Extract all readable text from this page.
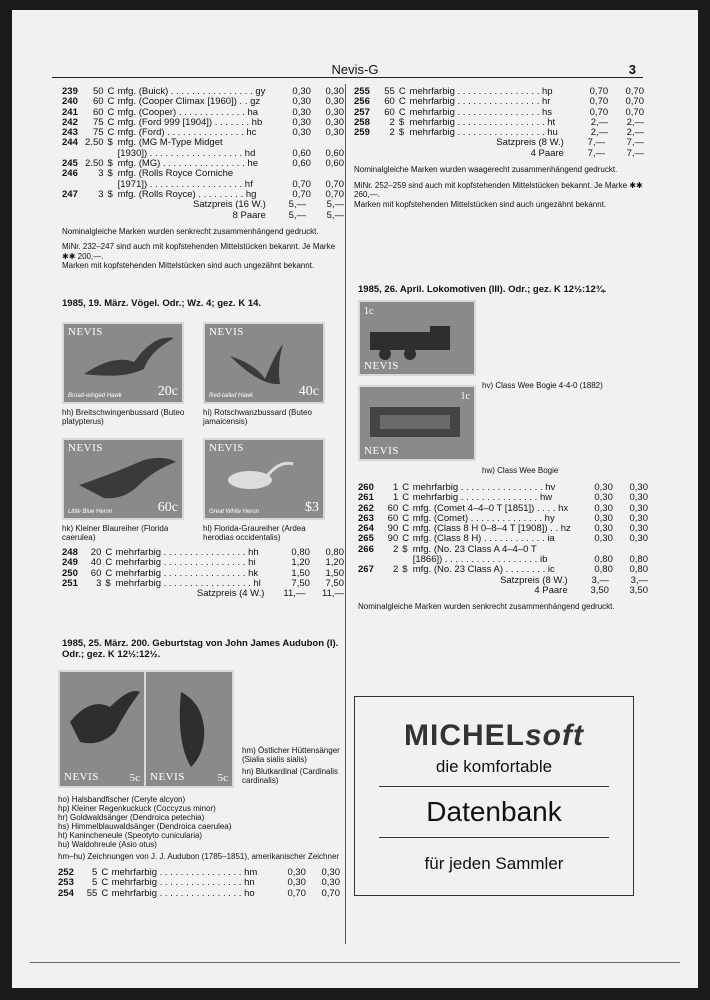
Nevis-G	3
239	50	C	mfg. (Buick) . . . . . . . . . . . . . . . . gy	0,30	0,30
240	60	C	mfg. (Cooper Climax [1960]) . . gz	0,30	0,30
241	60	C	mfg. (Cooper) . . . . . . . . . . . . . ha	0,30	0,30
242	75	C	mfg. (Ford 999 [1904]) . . . . . . . hb	0,30	0,30
243	75	C	mfg. (Ford) . . . . . . . . . . . . . . . hc	0,30	0,30
244	2.50	$	mfg. (MG M-Type Midget		
			[1930]) . . . . . . . . . . . . . . . . . . hd	0,60	0,60
245	2.50	$	mfg. (MG) . . . . . . . . . . . . . . . . he	0,60	0,60
246	3	$	mfg. (Rolls Royce Corniche		
			[1971]) . . . . . . . . . . . . . . . . . . hf	0,70	0,70
247	3	$	mfg. (Rolls Royce) . . . . . . . . . hg	0,70	0,70
Satzpreis (16 W.)	5,—	5,—
8 Paare	5,—	5,—
Nominalgleiche Marken wurden senkrecht zusammenhängend gedruckt.
MiNr. 232–247 sind auch mit kopfstehenden Mittelstücken bekannt. Je Marke ✱✱ 200,—.
Marken mit kopfstehenden Mittelstücken sind auch ungezähnt bekannt.
1985, 19. März. Vögel. Odr.; Wz. 4; gez. K 14.
NEVIS
Broad-winged Hawk	20c
NEVIS
Red-tailed Hawk	40c
hh) Breitschwingenbussard (Buteo platypterus)
hi) Rotschwanzbussard (Buteo jamaicensis)
NEVIS
Little Blue Heron	60c
NEVIS
Great White Heron	$3
hk) Kleiner Blaureiher (Florida caerulea)
hl) Florida-Graureiher (Ardea herodias occidentalis)
248	20	C	mehrfarbig . . . . . . . . . . . . . . . . hh	0,80	0,80
249	40	C	mehrfarbig . . . . . . . . . . . . . . . . hi	1,20	1,20
250	60	C	mehrfarbig . . . . . . . . . . . . . . . . hk	1,50	1,50
251	3	$	mehrfarbig . . . . . . . . . . . . . . . . . hl	7,50	7,50
Satzpreis (4 W.)	11,—	11,—
1985, 25. März. 200. Geburtstag von John James Audubon (I). Odr.; gez. K 12½:12½.
NEVIS	5c NEVIS	5c
hm) Östlicher Hüttensänger (Sialia sialis sialis)
hn) Blutkardinal (Cardinalis cardinalis)
ho) Halsbandfischer (Ceryle alcyon)
hp) Kleiner Regenkuckuck (Coccyzus minor)
hr) Goldwaldsänger (Dendroica petechia)
hs) Himmelblauwaldsänger (Dendroica caerulea)
ht) Kanincheneule (Speotyto cunicularia)
hu) Waldohreule (Asio otus)
hm–hu) Zeichnungen von J. J. Audubon (1785–1851), amerikanischer Zeichner
252	5	C	mehrfarbig . . . . . . . . . . . . . . . . hm	0,30	0,30
253	5	C	mehrfarbig . . . . . . . . . . . . . . . . hn	0,30	0,30
254	55	C	mehrfarbig . . . . . . . . . . . . . . . . ho	0,70	0,70
255	55	C	mehrfarbig . . . . . . . . . . . . . . . . hp	0,70	0,70
256	60	C	mehrfarbig . . . . . . . . . . . . . . . . hr	0,70	0,70
257	60	C	mehrfarbig . . . . . . . . . . . . . . . . hs	0,70	0,70
258	2	$	mehrfarbig . . . . . . . . . . . . . . . . . ht	2,—	2,—
259	2	$	mehrfarbig . . . . . . . . . . . . . . . . . hu	2,—	2,—
Satzpreis (8 W.)	7,—	7,—
4 Paare	7,—	7,—
Nominalgleiche Marken wurden waagerecht zusammenhängend gedruckt.
MiNr. 252–259 sind auch mit kopfstehenden Mittelstücken bekannt. Je Marke ✱✱ 260,—.
Marken mit kopfstehenden Mittelstücken sind auch ungezähnt bekannt.
1985, 26. April. Lokomotiven (III). Odr.; gez. K 12½:12¾.
NEVIS
1c
NEVIS
1c
hv) Class Wee Bogie 4-4-0 (1882)
hw) Class Wee Bogie
260	1	C	mehrfarbig . . . . . . . . . . . . . . . . hv	0,30	0,30
261	1	C	mehrfarbig . . . . . . . . . . . . . . . hw	0,30	0,30
262	60	C	mfg. (Comet 4–4–0 T [1851]) . . . . hx	0,30	0,30
263	60	C	mfg. (Comet) . . . . . . . . . . . . . . hy	0,30	0,30
264	90	C	mfg. (Class 8 H 0–8–4 T [1908]) . . hz	0,30	0,30
265	90	C	mfg. (Class 8 H) . . . . . . . . . . . . ia	0,30	0,30
266	2	$	mfg. (No. 23 Class A 4–4–0 T		
			[1866]) . . . . . . . . . . . . . . . . . . ib	0,80	0,80
267	2	$	mfg. (No. 23 Class A) . . . . . . . . ic	0,80	0,80
Satzpreis (8 W.)	3,—	3,—
4 Paare	3,50	3,50
Nominalgleiche Marken wurden senkrecht zusammenhängend gedruckt.
MICHELsoft
die komfortable
Datenbank
für jeden Sammler
